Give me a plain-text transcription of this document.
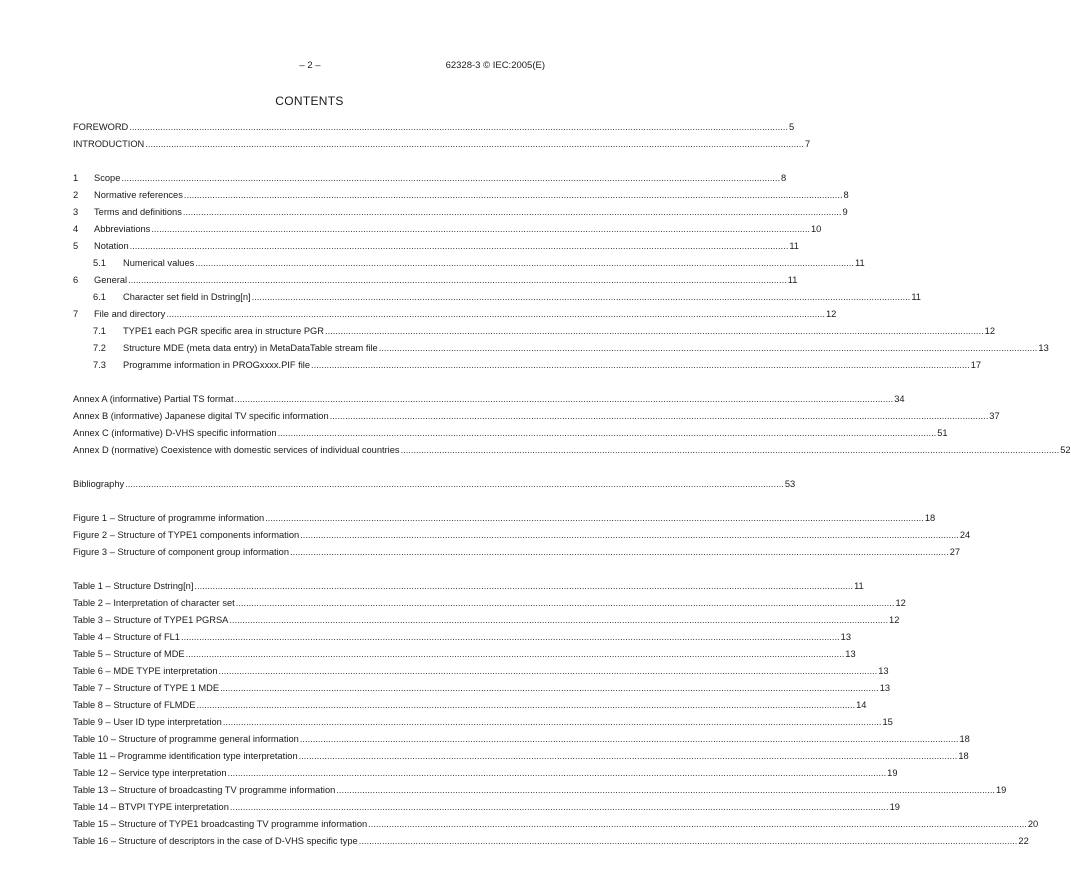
– 2 –	62328-3 © IEC:2005(E)
CONTENTS
FOREWORD .....	5
INTRODUCTION .....	7
1	Scope .....	8
2	Normative references .....	8
3	Terms and definitions .....	9
4	Abbreviations .....	10
5	Notation .....	11
5.1	Numerical values .....	11
6	General .....	11
6.1	Character set field in Dstring[n] .....	11
7	File and directory .....	12
7.1	TYPE1 each PGR specific area in structure PGR .....	12
7.2	Structure MDE (meta data entry) in MetaDataTable stream file .....	13
7.3	Programme information in PROGxxxx.PIF file .....	17
Annex A (informative) Partial TS format .....	34
Annex B (informative) Japanese digital TV specific information .....	37
Annex C (informative) D-VHS specific information .....	51
Annex D (normative) Coexistence with domestic services of individual countries .....	52
Bibliography .....	53
Figure 1 – Structure of programme information .....	18
Figure 2 – Structure of TYPE1 components information .....	24
Figure 3 – Structure of component group information .....	27
Table 1 – Structure Dstring[n] .....	11
Table 2 – Interpretation of character set .....	12
Table 3 – Structure of TYPE1 PGRSA .....	12
Table 4 – Structure of FL1 .....	13
Table 5 – Structure of MDE .....	13
Table 6 – MDE TYPE interpretation .....	13
Table 7 – Structure of TYPE 1 MDE .....	13
Table 8 – Structure of FLMDE .....	14
Table 9 – User ID type interpretation .....	15
Table 10 – Structure of programme general information .....	18
Table 11 – Programme identification type interpretation .....	18
Table 12 – Service type interpretation .....	19
Table 13 – Structure of broadcasting TV programme information .....	19
Table 14 – BTVPI TYPE interpretation .....	19
Table 15 – Structure of TYPE1 broadcasting TV programme information .....	20
Table 16 – Structure of descriptors in the case of D-VHS specific type .....	22
